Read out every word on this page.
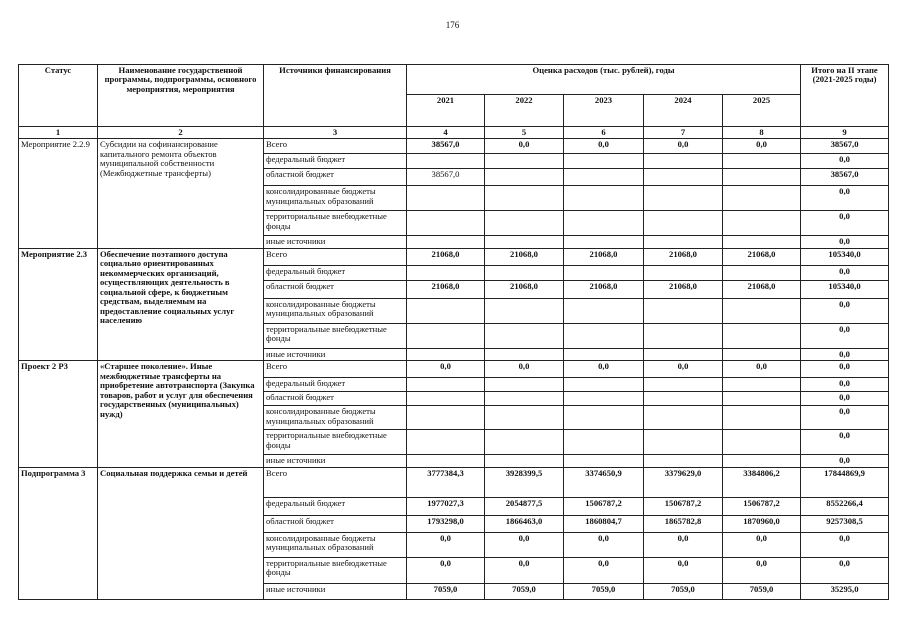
176
Статус	Наименование государственной программы, подпрограммы, основного мероприятия, мероприятия	Источники финансирования	Оценка расходов (тыс. рублей), годы					Итого на II этапе (2021-2025 годы)
			2021	2022	2023	2024	2025	
1	2	3	4	5	6	7	8	9
Мероприятие 2.2.9	Субсидии на софинансирование капитального ремонта объектов муниципальной собственности (Межбюджетные трансферты)	Всего	38567,0	0,0	0,0	0,0	0,0	38567,0
		федеральный бюджет						0,0
		областной бюджет	38567,0					38567,0
		консолидированные бюджеты муниципальных образований						0,0
		территориальные внебюджетные фонды						0,0
		иные источники						0,0
Мероприятие 2.3	Обеспечение поэтапного доступа социально ориентированных некоммерческих организаций, осуществляющих деятельность в социальной сфере, к бюджетным средствам, выделяемым на предоставление социальных услуг населению	Всего	21068,0	21068,0	21068,0	21068,0	21068,0	105340,0
		федеральный бюджет						0,0
		областной бюджет	21068,0	21068,0	21068,0	21068,0	21068,0	105340,0
		консолидированные бюджеты муниципальных образований						0,0
		территориальные внебюджетные фонды						0,0
		иные источники						0,0
Проект 2 Р3	«Старшее поколение». Иные межбюджетные трансферты на приобретение автотранспорта (Закупка товаров, работ и услуг для обеспечения государственных (муниципальных) нужд)	Всего	0,0	0,0	0,0	0,0	0,0	0,0
		федеральный бюджет						0,0
		областной бюджет						0,0
		консолидированные бюджеты муниципальных образований						0,0
		территориальные внебюджетные фонды						0,0
		иные источники						0,0
Подпрограмма 3	Социальная поддержка семьи и детей	Всего	3777384,3	3928399,5	3374650,9	3379629,0	3384806,2	17844869,9
		федеральный бюджет	1977027,3	2054877,5	1506787,2	1506787,2	1506787,2	8552266,4
		областной бюджет	1793298,0	1866463,0	1860804,7	1865782,8	1870960,0	9257308,5
		консолидированные бюджеты муниципальных образований	0,0	0,0	0,0	0,0	0,0	0,0
		территориальные внебюджетные фонды	0,0	0,0	0,0	0,0	0,0	0,0
		иные источники	7059,0	7059,0	7059,0	7059,0	7059,0	35295,0
